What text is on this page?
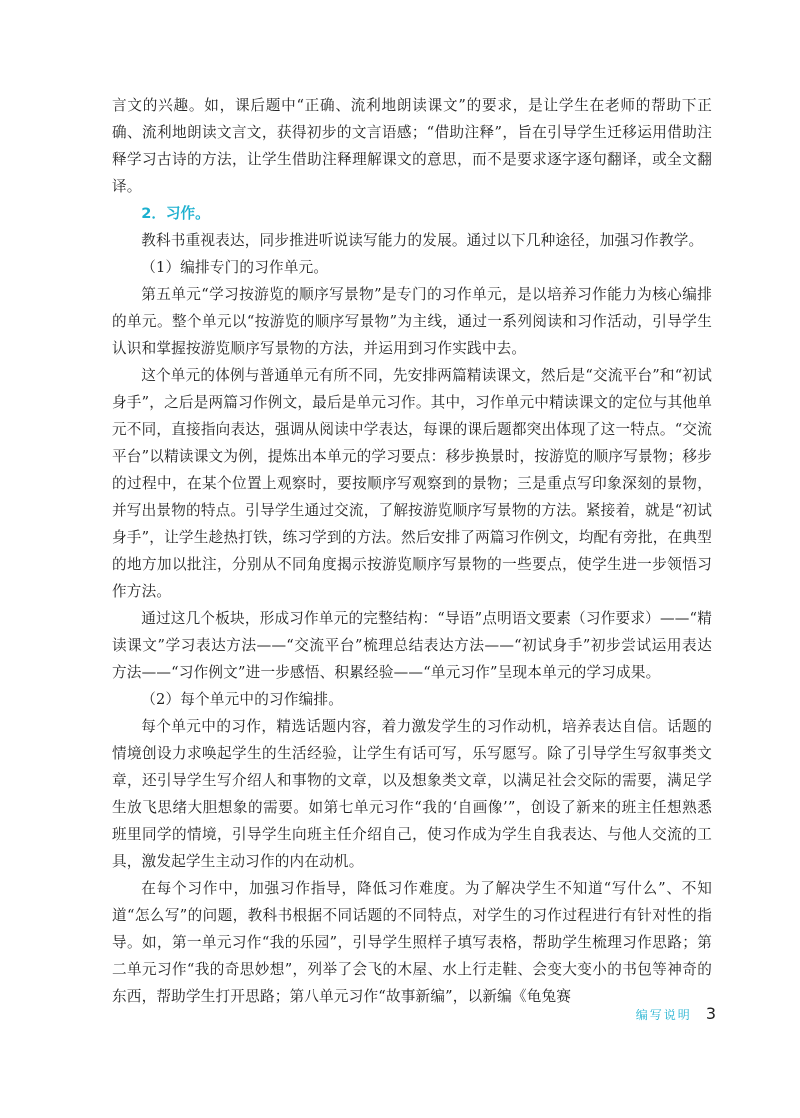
言文的兴趣。如，课后题中“正确、流利地朗读课文”的要求，是让学生在老师的帮助下正确、流利地朗读文言文，获得初步的文言语感；“借助注释”，旨在引导学生迁移运用借助注释学习古诗的方法，让学生借助注释理解课文的意思，而不是要求逐字逐句翻译，或全文翻译。

2．习作。

教科书重视表达，同步推进听说读写能力的发展。通过以下几种途径，加强习作教学。

（1）编排专门的习作单元。

第五单元“学习按游览的顺序写景物”是专门的习作单元，是以培养习作能力为核心编排的单元。整个单元以“按游览的顺序写景物”为主线，通过一系列阅读和习作活动，引导学生认识和掌握按游览顺序写景物的方法，并运用到习作实践中去。

这个单元的体例与普通单元有所不同，先安排两篇精读课文，然后是“交流平台”和“初试身手”，之后是两篇习作例文，最后是单元习作。其中，习作单元中精读课文的定位与其他单元不同，直接指向表达，强调从阅读中学表达，每课的课后题都突出体现了这一特点。“交流平台”以精读课文为例，提炼出本单元的学习要点：移步换景时，按游览的顺序写景物；移步的过程中，在某个位置上观察时，要按顺序写观察到的景物；三是重点写印象深刻的景物，并写出景物的特点。引导学生通过交流，了解按游览顺序写景物的方法。紧接着，就是“初试身手”，让学生趁热打铁，练习学到的方法。然后安排了两篇习作例文，均配有旁批，在典型的地方加以批注，分别从不同角度揭示按游览顺序写景物的一些要点，使学生进一步领悟习作方法。

通过这几个板块，形成习作单元的完整结构：“导语”点明语文要素（习作要求）——“精读课文”学习表达方法——“交流平台”梳理总结表达方法——“初试身手”初步尝试运用表达方法——“习作例文”进一步感悟、积累经验——“单元习作”呈现本单元的学习成果。

（2）每个单元中的习作编排。

每个单元中的习作，精选话题内容，着力激发学生的习作动机，培养表达自信。话题的情境创设力求唤起学生的生活经验，让学生有话可写，乐写愿写。除了引导学生写叙事类文章，还引导学生写介绍人和事物的文章，以及想象类文章，以满足社会交际的需要，满足学生放飞思绪大胆想象的需要。如第七单元习作“我的‘自画像’”，创设了新来的班主任想熟悉班里同学的情境，引导学生向班主任介绍自己，使习作成为学生自我表达、与他人交流的工具，激发起学生主动习作的内在动机。

在每个习作中，加强习作指导，降低习作难度。为了解决学生不知道“写什么”、不知道“怎么写”的问题，教科书根据不同话题的不同特点，对学生的习作过程进行有针对性的指导。如，第一单元习作“我的乐园”，引导学生照样子填写表格，帮助学生梳理习作思路；第二单元习作“我的奇思妙想”，列举了会飞的木屋、水上行走鞋、会变大变小的书包等神奇的东西，帮助学生打开思路；第八单元习作“故事新编”，以新编《龟兔赛

编写说明 3
